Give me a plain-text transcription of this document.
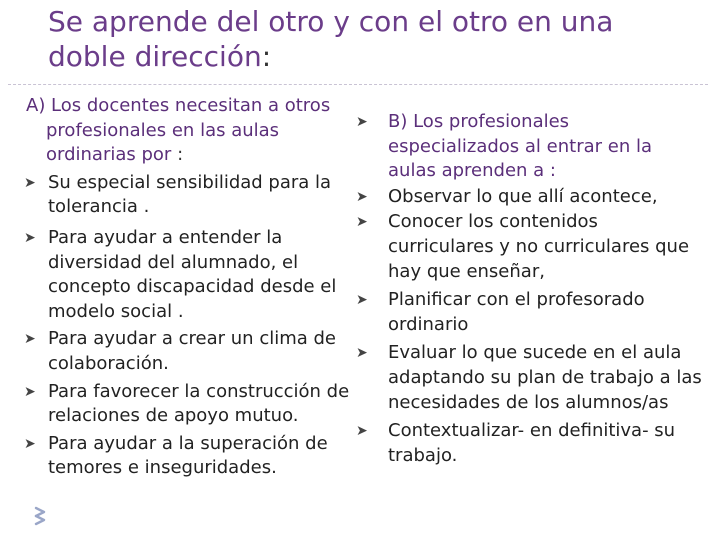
Se aprende del otro y con el otro en una
doble dirección:

A) Los docentes necesitan a otros profesionales en las aulas ordinarias por :

➤ Su especial sensibilidad para la tolerancia .

➤ Para ayudar a entender la diversidad del alumnado, el concepto discapacidad desde el modelo social .

➤ Para ayudar a crear un clima de colaboración.

➤ Para favorecer la construcción de relaciones de apoyo mutuo.

➤ Para ayudar a la superación de temores e inseguridades.

➤ B) Los profesionales especializados al entrar en la aulas aprenden a :

➤ Observar lo que allí acontece,

➤ Conocer los contenidos curriculares y no curriculares que hay que enseñar,

➤ Planificar con el profesorado ordinario

➤ Evaluar lo que sucede en el aula adaptando su plan de trabajo a las necesidades de los alumnos/as

➤ Contextualizar- en definitiva- su trabajo.
